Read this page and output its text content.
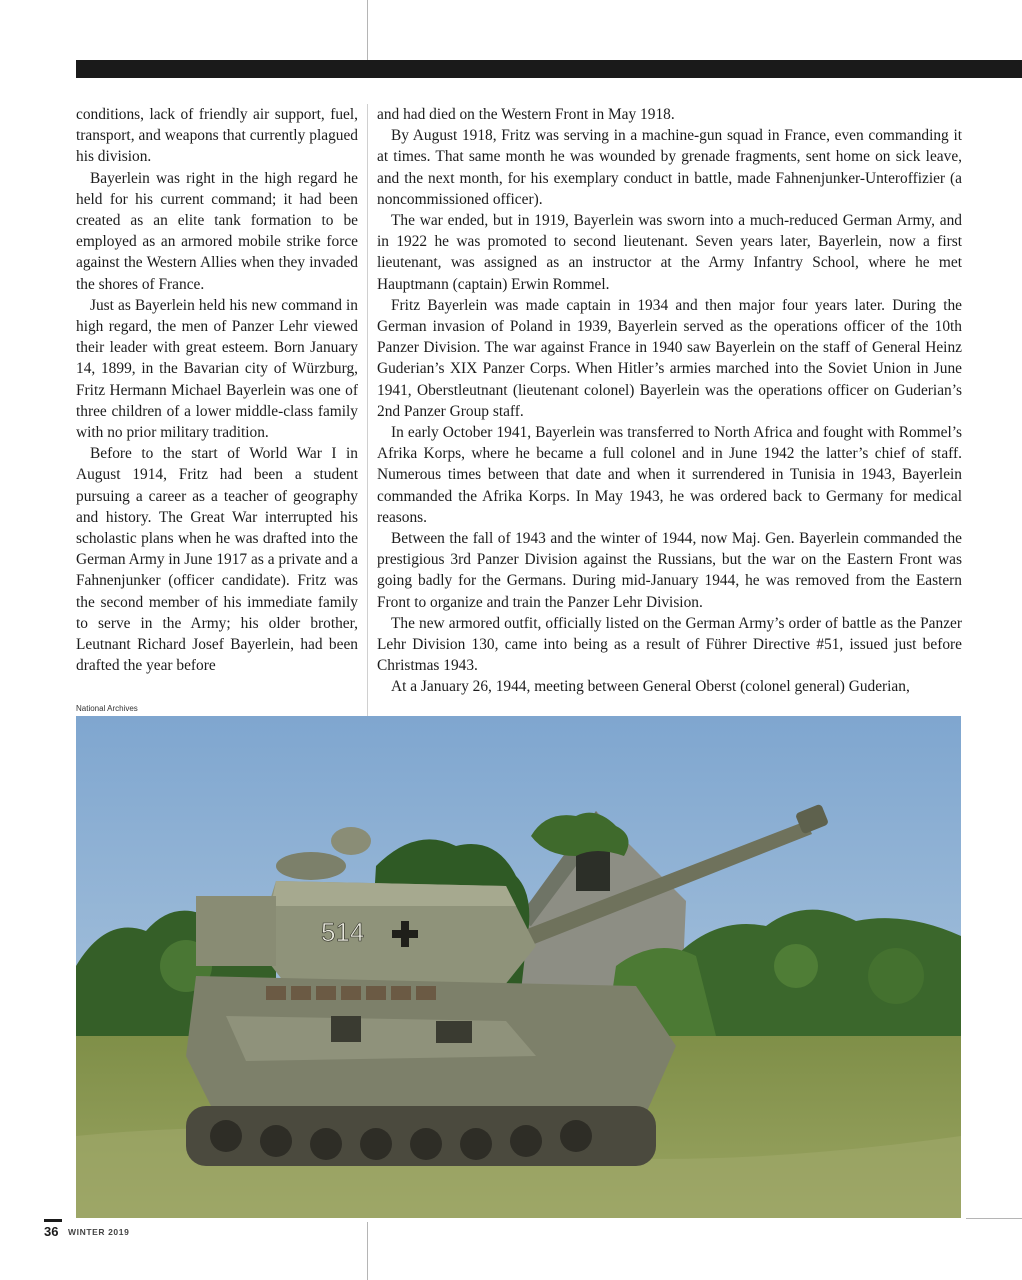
conditions, lack of friendly air support, fuel, transport, and weapons that currently plagued his division.

Bayerlein was right in the high regard he held for his current command; it had been created as an elite tank formation to be employed as an armored mobile strike force against the Western Allies when they invaded the shores of France.

Just as Bayerlein held his new command in high regard, the men of Panzer Lehr viewed their leader with great esteem. Born January 14, 1899, in the Bavarian city of Würzburg, Fritz Hermann Michael Bayerlein was one of three children of a lower middle-class family with no prior military tradition.

Before to the start of World War I in August 1914, Fritz had been a student pursuing a career as a teacher of geography and history. The Great War interrupted his scholastic plans when he was drafted into the German Army in June 1917 as a private and a Fahnenjunker (officer candidate). Fritz was the second member of his immediate family to serve in the Army; his older brother, Leutnant Richard Josef Bayerlein, had been drafted the year before

and had died on the Western Front in May 1918.

By August 1918, Fritz was serving in a machine-gun squad in France, even commanding it at times. That same month he was wounded by grenade fragments, sent home on sick leave, and the next month, for his exemplary conduct in battle, made Fahnenjunker-Unteroffizier (a noncommissioned officer).

The war ended, but in 1919, Bayerlein was sworn into a much-reduced German Army, and in 1922 he was promoted to second lieutenant. Seven years later, Bayerlein, now a first lieutenant, was assigned as an instructor at the Army Infantry School, where he met Hauptmann (captain) Erwin Rommel.

Fritz Bayerlein was made captain in 1934 and then major four years later. During the German invasion of Poland in 1939, Bayerlein served as the operations officer of the 10th Panzer Division. The war against France in 1940 saw Bayerlein on the staff of General Heinz Guderian’s XIX Panzer Corps. When Hitler’s armies marched into the Soviet Union in June 1941, Oberstleutnant (lieutenant colonel) Bayerlein was the operations officer on Guderian’s 2nd Panzer Group staff.

In early October 1941, Bayerlein was transferred to North Africa and fought with Rommel’s Afrika Korps, where he became a full colonel and in June 1942 the latter’s chief of staff. Numerous times between that date and when it surrendered in Tunisia in 1943, Bayerlein commanded the Afrika Korps. In May 1943, he was ordered back to Germany for medical reasons.

Between the fall of 1943 and the winter of 1944, now Maj. Gen. Bayerlein commanded the prestigious 3rd Panzer Division against the Russians, but the war on the Eastern Front was going badly for the Germans. During mid-January 1944, he was removed from the Eastern Front to organize and train the Panzer Lehr Division.

The new armored outfit, officially listed on the German Army’s order of battle as the Panzer Lehr Division 130, came into being as a result of Führer Directive #51, issued just before Christmas 1943.

At a January 26, 1944, meeting between General Oberst (colonel general) Guderian,

National Archives
514
36 WINTER 2019
